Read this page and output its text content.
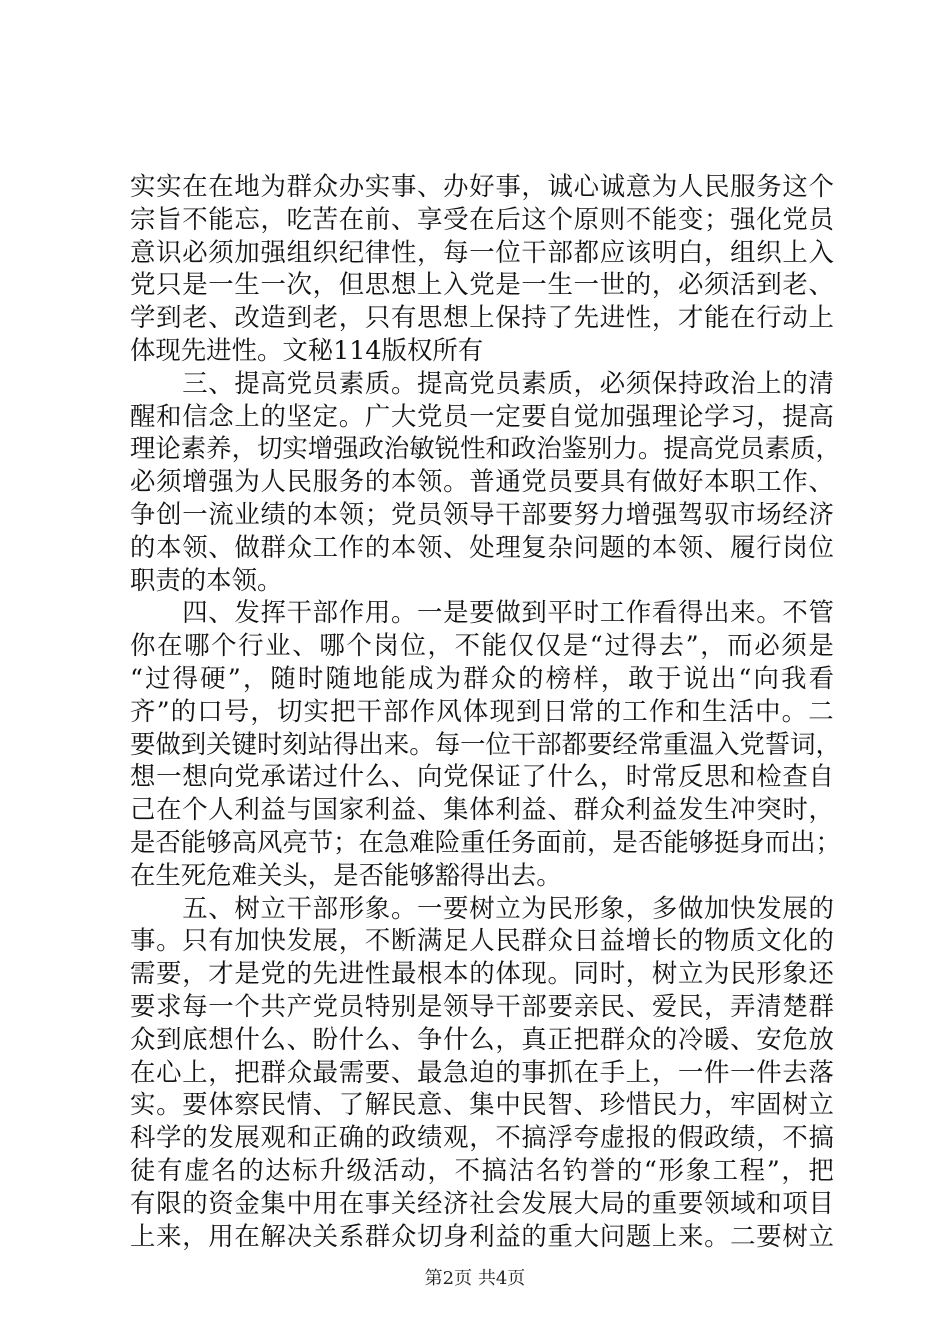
实 实 在 在 地 为 群 众 办 实 事 、 办 好 事 ， 诚 心 诚 意 为 人 民 服 务 这 个
宗 旨 不 能 忘 ， 吃 苦 在 前 、 享 受 在 后 这 个 原 则 不 能 变 ； 强 化 党 员
意 识 必 须 加 强 组 织 纪 律 性 ， 每 一 位 干 部 都 应 该 明 白 ， 组 织 上 入
党 只 是 一 生 一 次 ， 但 思 想 上 入 党 是 一 生 一 世 的 ， 必 须 活 到 老 、
学 到 老 、 改 造 到 老 ， 只 有 思 想 上 保 持 了 先 进 性 ， 才 能 在 行 动 上
体现先进性。文秘114版权所有

三 、 提 高 党 员 素 质 。 提 高 党 员 素 质 ， 必 须 保 持 政 治 上 的 清
醒 和 信 念 上 的 坚 定 。 广 大 党 员 一 定 要 自 觉 加 强 理 论 学 习 ， 提 高
理 论 素 养 ， 切 实 增 强 政 治 敏 锐 性 和 政 治 鉴 别 力 。 提 高 党 员 素 质 ，
必 须 增 强 为 人 民 服 务 的 本 领 。 普 通 党 员 要 具 有 做 好 本 职 工 作 、
争 创 一 流 业 绩 的 本 领 ； 党 员 领 导 干 部 要 努 力 增 强 驾 驭 市 场 经 济
的 本 领 、 做 群 众 工 作 的 本 领 、 处 理 复 杂 问 题 的 本 领 、 履 行 岗 位
职责的本领。

四 、 发 挥 干 部 作 用 。 一 是 要 做 到 平 时 工 作 看 得 出 来 。 不 管
你 在 哪 个 行 业 、 哪 个 岗 位 ， 不 能 仅 仅 是 “ 过 得 去 ” ， 而 必 须 是
“ 过 得 硬 ” ， 随 时 随 地 能 成 为 群 众 的 榜 样 ， 敢 于 说 出 “ 向 我 看
齐 ” 的 口 号 ， 切 实 把 干 部 作 风 体 现 到 日 常 的 工 作 和 生 活 中 。 二
要 做 到 关 键 时 刻 站 得 出 来 。 每 一 位 干 部 都 要 经 常 重 温 入 党 誓 词 ，
想 一 想 向 党 承 诺 过 什 么 、 向 党 保 证 了 什 么 ， 时 常 反 思 和 检 查 自
己 在 个 人 利 益 与 国 家 利 益 、 集 体 利 益 、 群 众 利 益 发 生 冲 突 时 ，
是 否 能 够 高 风 亮 节 ； 在 急 难 险 重 任 务 面 前 ， 是 否 能 够 挺 身 而 出 ；
在生死危难关头，是否能够豁得出去。

五 、 树 立 干 部 形 象 。 一 要 树 立 为 民 形 象 ， 多 做 加 快 发 展 的
事 。 只 有 加 快 发 展 ， 不 断 满 足 人 民 群 众 日 益 增 长 的 物 质 文 化 的
需 要 ， 才 是 党 的 先 进 性 最 根 本 的 体 现 。 同 时 ， 树 立 为 民 形 象 还
要 求 每 一 个 共 产 党 员 特 别 是 领 导 干 部 要 亲 民 、 爱 民 ， 弄 清 楚 群
众 到 底 想 什 么 、 盼 什 么 、 争 什 么 ， 真 正 把 群 众 的 冷 暖 、 安 危 放
在 心 上 ， 把 群 众 最 需 要 、 最 急 迫 的 事 抓 在 手 上 ， 一 件 一 件 去 落
实 。 要 体 察 民 情 、 了 解 民 意 、 集 中 民 智 、 珍 惜 民 力 ， 牢 固 树 立
科 学 的 发 展 观 和 正 确 的 政 绩 观 ， 不 搞 浮 夸 虚 报 的 假 政 绩 ， 不 搞
徒 有 虚 名 的 达 标 升 级 活 动 ， 不 搞 沽 名 钓 誉 的 “ 形 象 工 程 ” ， 把
有 限 的 资 金 集 中 用 在 事 关 经 济 社 会 发 展 大 局 的 重 要 领 域 和 项 目
上 来 ， 用 在 解 决 关 系 群 众 切 身 利 益 的 重 大 问 题 上 来 。 二 要 树 立
第2页 共4页
